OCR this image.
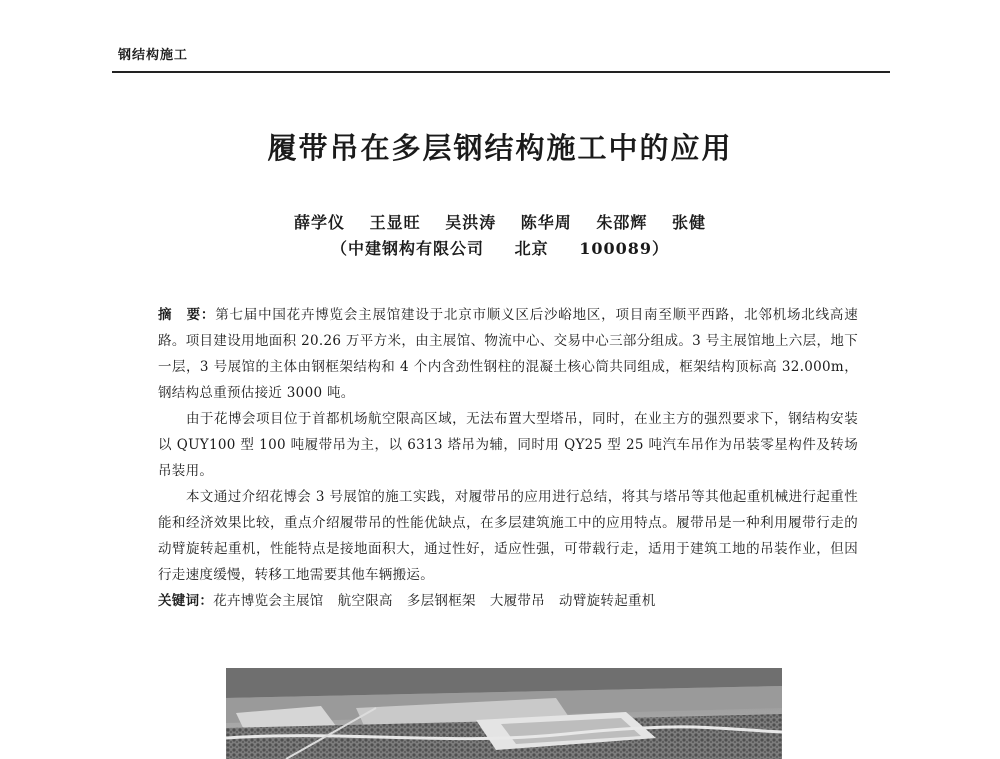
钢结构施工
履带吊在多层钢结构施工中的应用
薛学仪 王显旺 吴洪涛 陈华周 朱邵辉 张健
（中建钢构有限公司 北京 100089）

摘　要：第七届中国花卉博览会主展馆建设于北京市顺义区后沙峪地区，项目南至顺平西路，北邻机场北线高速路。项目建设用地面积 20.26 万平方米，由主展馆、物流中心、交易中心三部分组成。3 号主展馆地上六层，地下一层，3 号展馆的主体由钢框架结构和 4 个内含劲性钢柱的混凝土核心筒共同组成，框架结构顶标高 32.000m，钢结构总重预估接近 3000 吨。

由于花博会项目位于首都机场航空限高区域，无法布置大型塔吊，同时，在业主方的强烈要求下，钢结构安装以 QUY100 型 100 吨履带吊为主，以 6313 塔吊为辅，同时用 QY25 型 25 吨汽车吊作为吊装零星构件及转场吊装用。

本文通过介绍花博会 3 号展馆的施工实践，对履带吊的应用进行总结，将其与塔吊等其他起重机械进行起重性能和经济效果比较，重点介绍履带吊的性能优缺点，在多层建筑施工中的应用特点。履带吊是一种利用履带行走的动臂旋转起重机，性能特点是接地面积大，通过性好，适应性强，可带载行走，适用于建筑工地的吊装作业，但因行走速度缓慢，转移工地需要其他车辆搬运。

关键词：花卉博览会主展馆 航空限高 多层钢框架 大履带吊 动臂旋转起重机
